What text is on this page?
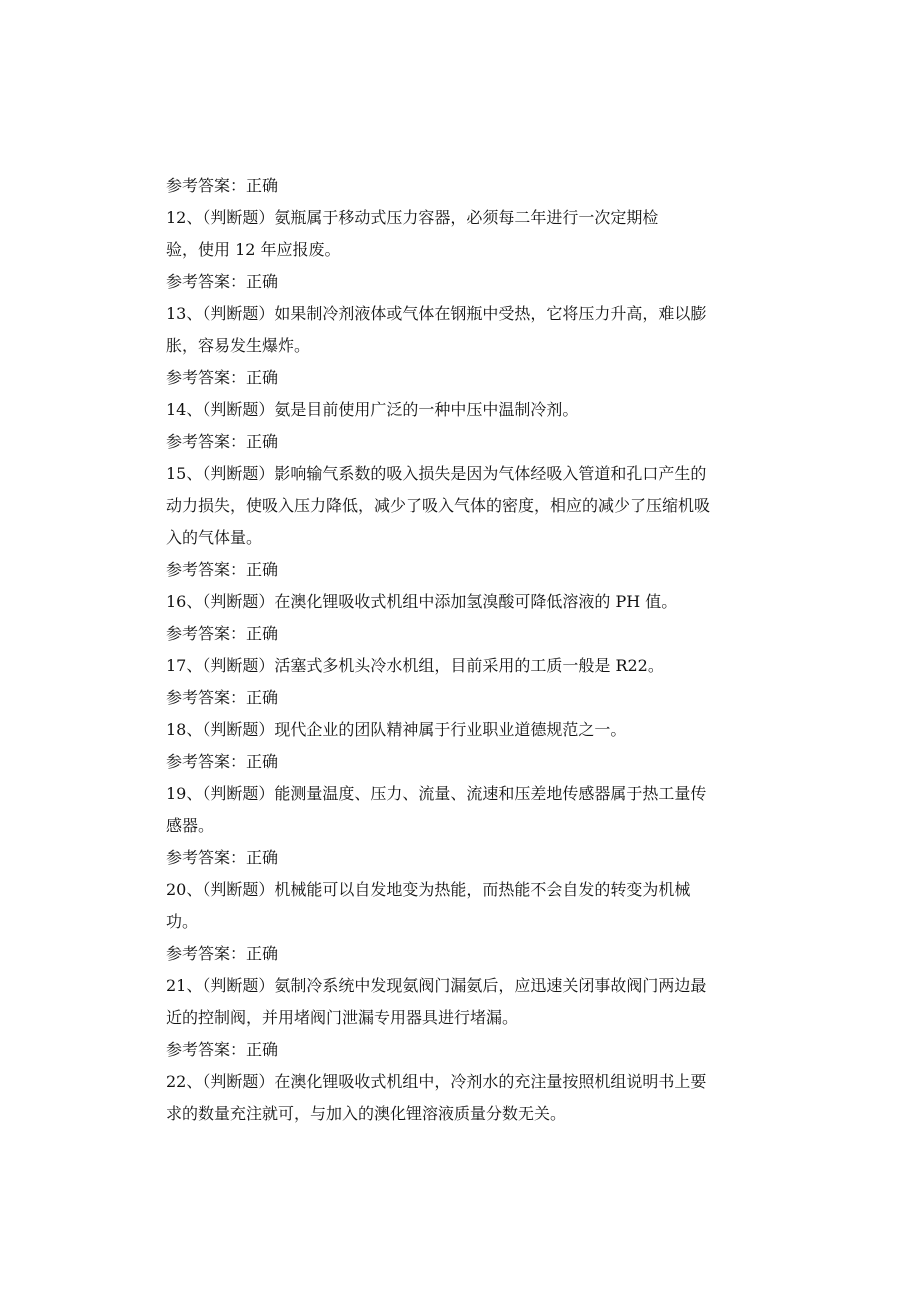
参考答案：正确
12、（判断题）氨瓶属于移动式压力容器，必须每二年进行一次定期检
验，使用 12 年应报废。
参考答案：正确
13、（判断题）如果制冷剂液体或气体在钢瓶中受热，它将压力升高，难以膨
胀，容易发生爆炸。
参考答案：正确
14、（判断题）氨是目前使用广泛的一种中压中温制冷剂。
参考答案：正确
15、（判断题）影响输气系数的吸入损失是因为气体经吸入管道和孔口产生的
动力损失，使吸入压力降低，减少了吸入气体的密度，相应的减少了压缩机吸
入的气体量。
参考答案：正确
16、（判断题）在澳化锂吸收式机组中添加氢溴酸可降低溶液的 PH 值。
参考答案：正确
17、（判断题）活塞式多机头冷水机组，目前采用的工质一般是 R22。
参考答案：正确
18、（判断题）现代企业的团队精神属于行业职业道德规范之一。
参考答案：正确
19、（判断题）能测量温度、压力、流量、流速和压差地传感器属于热工量传
感器。
参考答案：正确
20、（判断题）机械能可以自发地变为热能，而热能不会自发的转变为机械
功。
参考答案：正确
21、（判断题）氨制冷系统中发现氨阀门漏氨后，应迅速关闭事故阀门两边最
近的控制阀，并用堵阀门泄漏专用器具进行堵漏。
参考答案：正确
22、（判断题）在澳化锂吸收式机组中，冷剂水的充注量按照机组说明书上要
求的数量充注就可，与加入的澳化锂溶液质量分数无关。
